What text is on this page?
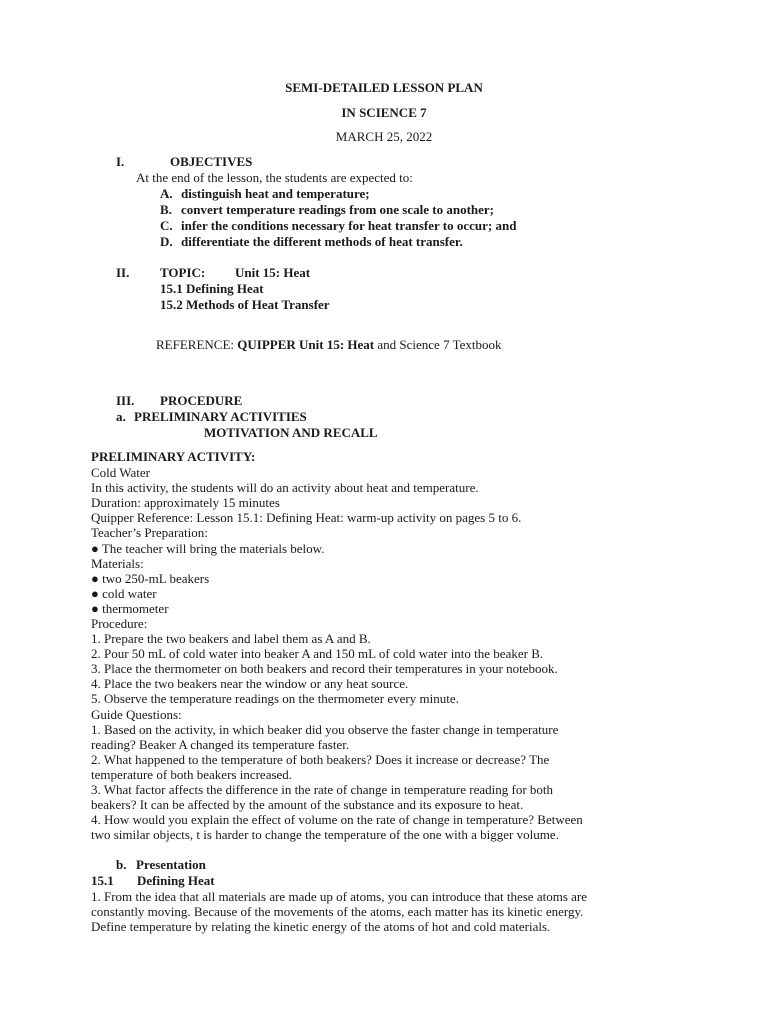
SEMI-DETAILED LESSON PLAN
IN SCIENCE 7
MARCH 25, 2022
I.	OBJECTIVES
At the end of the lesson, the students are expected to:
A. distinguish heat and temperature;
B. convert temperature readings from one scale to another;
C. infer the conditions necessary for heat transfer to occur; and
D. differentiate the different methods of heat transfer.
II. TOPIC: Unit 15: Heat
15.1 Defining Heat
15.2 Methods of Heat Transfer
REFERENCE: QUIPPER Unit 15: Heat and Science 7 Textbook
III. PROCEDURE
a. PRELIMINARY ACTIVITIES
MOTIVATION AND RECALL
PRELIMINARY ACTIVITY:
Cold Water
In this activity, the students will do an activity about heat and temperature.
Duration: approximately 15 minutes
Quipper Reference: Lesson 15.1: Defining Heat: warm-up activity on pages 5 to 6.
Teacher’s Preparation:
● The teacher will bring the materials below.
Materials:
● two 250-mL beakers
● cold water
● thermometer
Procedure:
1. Prepare the two beakers and label them as A and B.
2. Pour 50 mL of cold water into beaker A and 150 mL of cold water into the beaker B.
3. Place the thermometer on both beakers and record their temperatures in your notebook.
4. Place the two beakers near the window or any heat source.
5. Observe the temperature readings on the thermometer every minute.
Guide Questions:
1. Based on the activity, in which beaker did you observe the faster change in temperature
reading? Beaker A changed its temperature faster.
2. What happened to the temperature of both beakers? Does it increase or decrease? The
temperature of both beakers increased.
3. What factor affects the difference in the rate of change in temperature reading for both
beakers? It can be affected by the amount of the substance and its exposure to heat.
4. How would you explain the effect of volume on the rate of change in temperature? Between
two similar objects, t is harder to change the temperature of the one with a bigger volume.
b. Presentation
15.1 Defining Heat
1. From the idea that all materials are made up of atoms, you can introduce that these atoms are
constantly moving. Because of the movements of the atoms, each matter has its kinetic energy.
Define temperature by relating the kinetic energy of the atoms of hot and cold materials.
